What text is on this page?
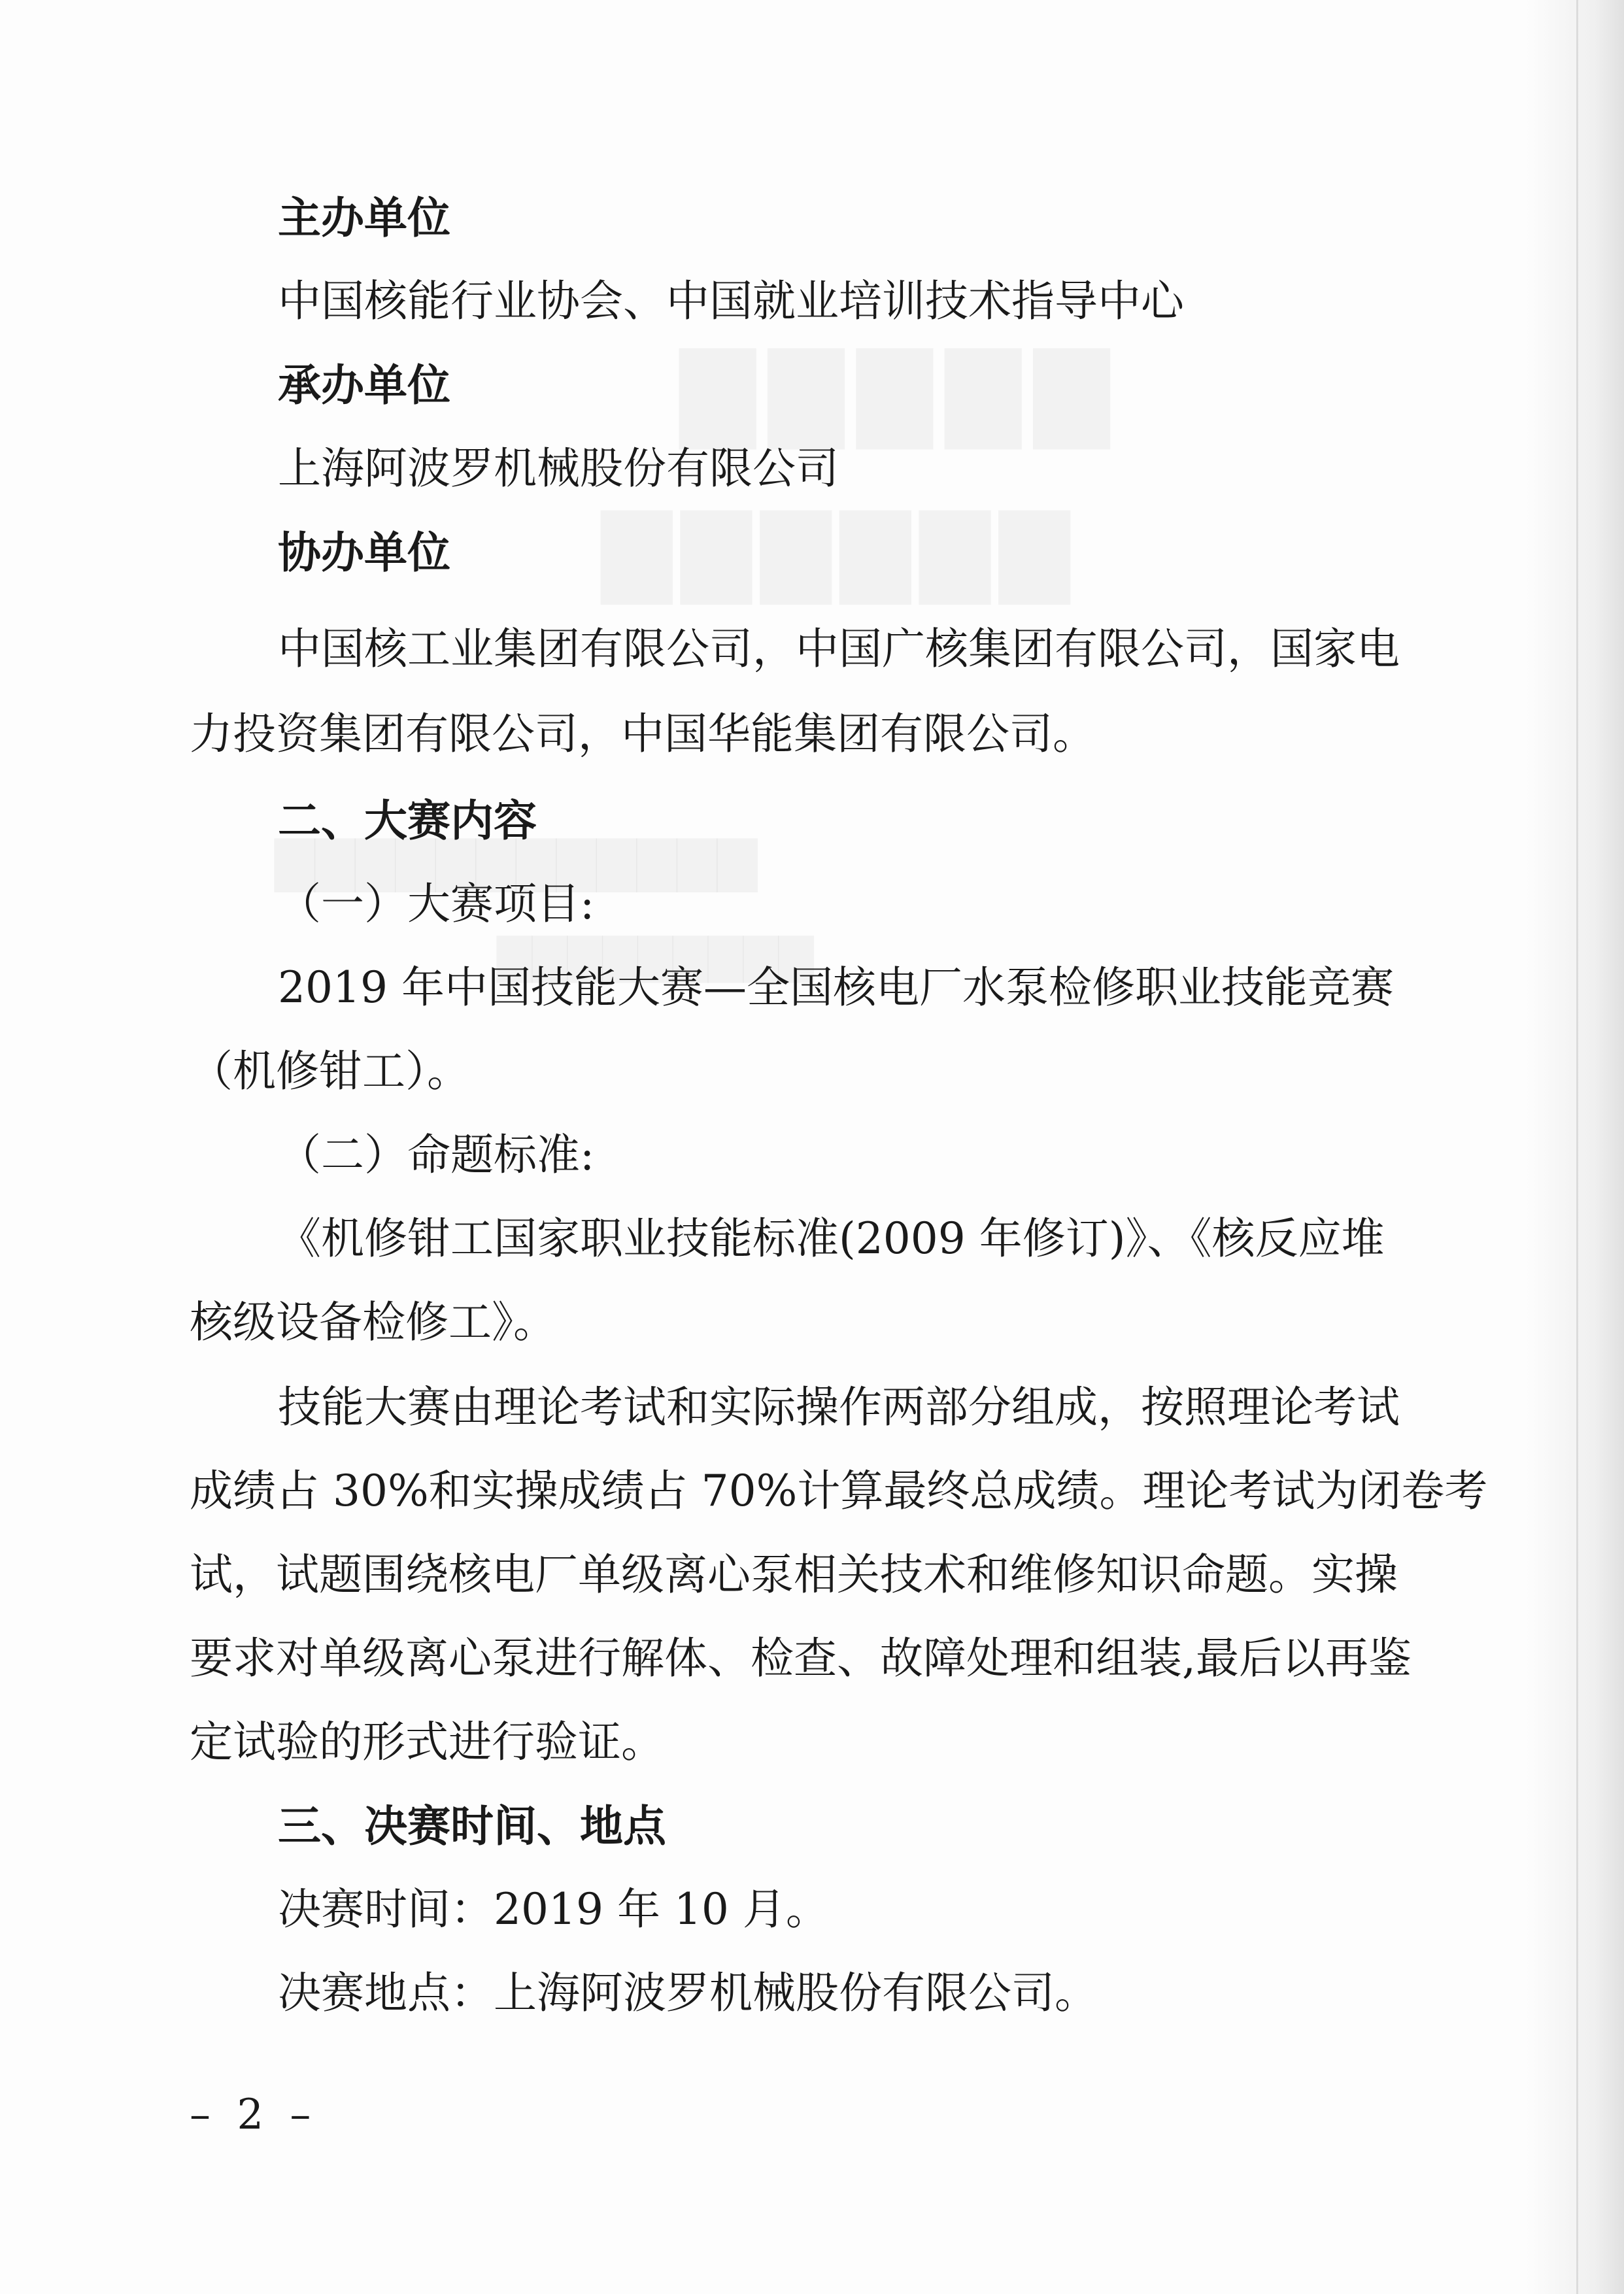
主办单位
中国核能行业协会、中国就业培训技术指导中心
承办单位
上海阿波罗机械股份有限公司
协办单位
中国核工业集团有限公司，中国广核集团有限公司，国家电
力投资集团有限公司，中国华能集团有限公司。
二、大赛内容
（一）大赛项目:
2019 年中国技能大赛—全国核电厂水泵检修职业技能竞赛
（机修钳工）。
（二）命题标准:
《机修钳工国家职业技能标准(2009 年修订)》、《核反应堆
核级设备检修工》。
技能大赛由理论考试和实际操作两部分组成，按照理论考试
成绩占 30%和实操成绩占 70%计算最终总成绩。理论考试为闭卷考
试，试题围绕核电厂单级离心泵相关技术和维修知识命题。实操
要求对单级离心泵进行解体、检查、故障处理和组装,最后以再鉴
定试验的形式进行验证。
三、决赛时间、地点
决赛时间：2019 年 10 月。
决赛地点：上海阿波罗机械股份有限公司。
– 2 –
